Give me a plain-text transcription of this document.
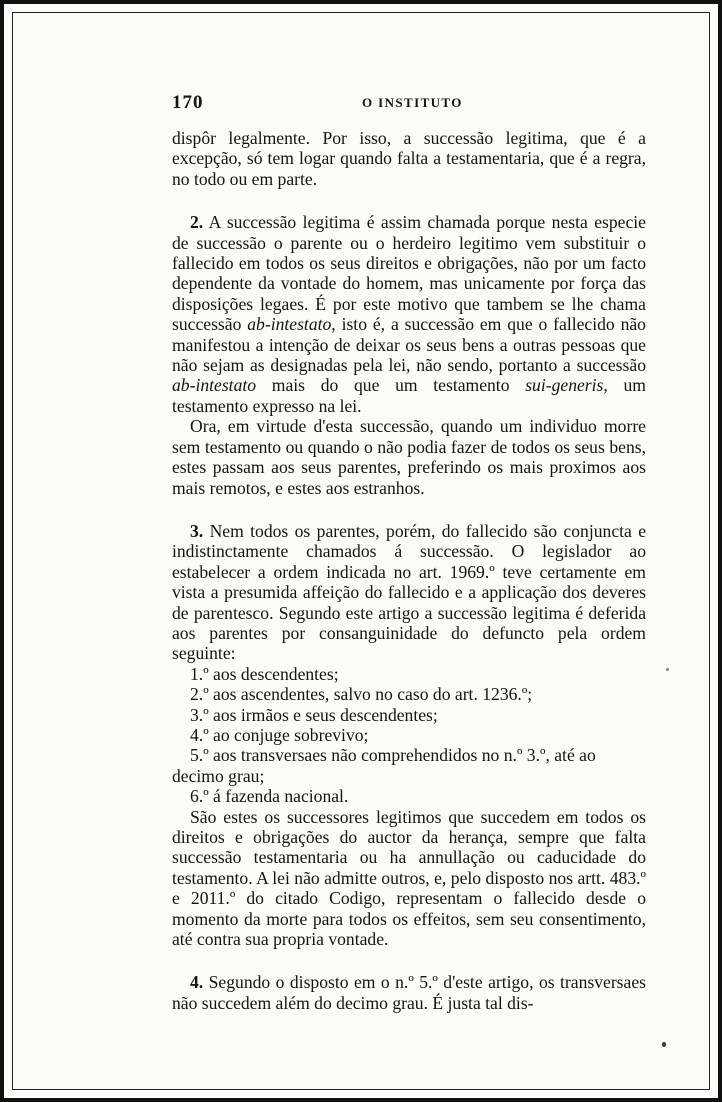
170	O INSTITUTO

dispôr legalmente. Por isso, a successão legitima, que é a excepção, só tem logar quando falta a testamentaria, que é a regra, no todo ou em parte.

2. A successão legitima é assim chamada porque nesta especie de successão o parente ou o herdeiro legitimo vem substituir o fallecido em todos os seus direitos e obrigações, não por um facto dependente da vontade do homem, mas unicamente por força das disposições legaes. É por este motivo que tambem se lhe chama successão ab-intestato, isto é, a successão em que o fallecido não manifestou a intenção de deixar os seus bens a outras pessoas que não sejam as designadas pela lei, não sendo, portanto a successão ab-intestato mais do que um testamento sui-generis, um testamento expresso na lei.

Ora, em virtude d'esta successão, quando um individuo morre sem testamento ou quando o não podia fazer de todos os seus bens, estes passam aos seus parentes, preferindo os mais proximos aos mais remotos, e estes aos estranhos.

3. Nem todos os parentes, porém, do fallecido são conjuncta e indistinctamente chamados á successão. O legislador ao estabelecer a ordem indicada no art. 1969.º teve certamente em vista a presumida affeição do fallecido e a applicação dos deveres de parentesco. Segundo este artigo a successão legitima é deferida aos parentes por consanguinidade do defuncto pela ordem seguinte:

1.º aos descendentes;

2.º aos ascendentes, salvo no caso do art. 1236.º;

3.º aos irmãos e seus descendentes;

4.º ao conjuge sobrevivo;

5.º aos transversaes não comprehendidos no n.º 3.º, até ao
decimo grau;

6.º á fazenda nacional.

São estes os successores legitimos que succedem em todos os direitos e obrigações do auctor da herança, sempre que falta successão testamentaria ou ha annullação ou caducidade do testamento. A lei não admitte outros, e, pelo disposto nos artt. 483.º e 2011.º do citado Codigo, representam o fallecido desde o momento da morte para todos os effeitos, sem seu consentimento, até contra sua propria vontade.

4. Segundo o disposto em o n.º 5.º d'este artigo, os transversaes não succedem além do decimo grau. É justa tal dis-
